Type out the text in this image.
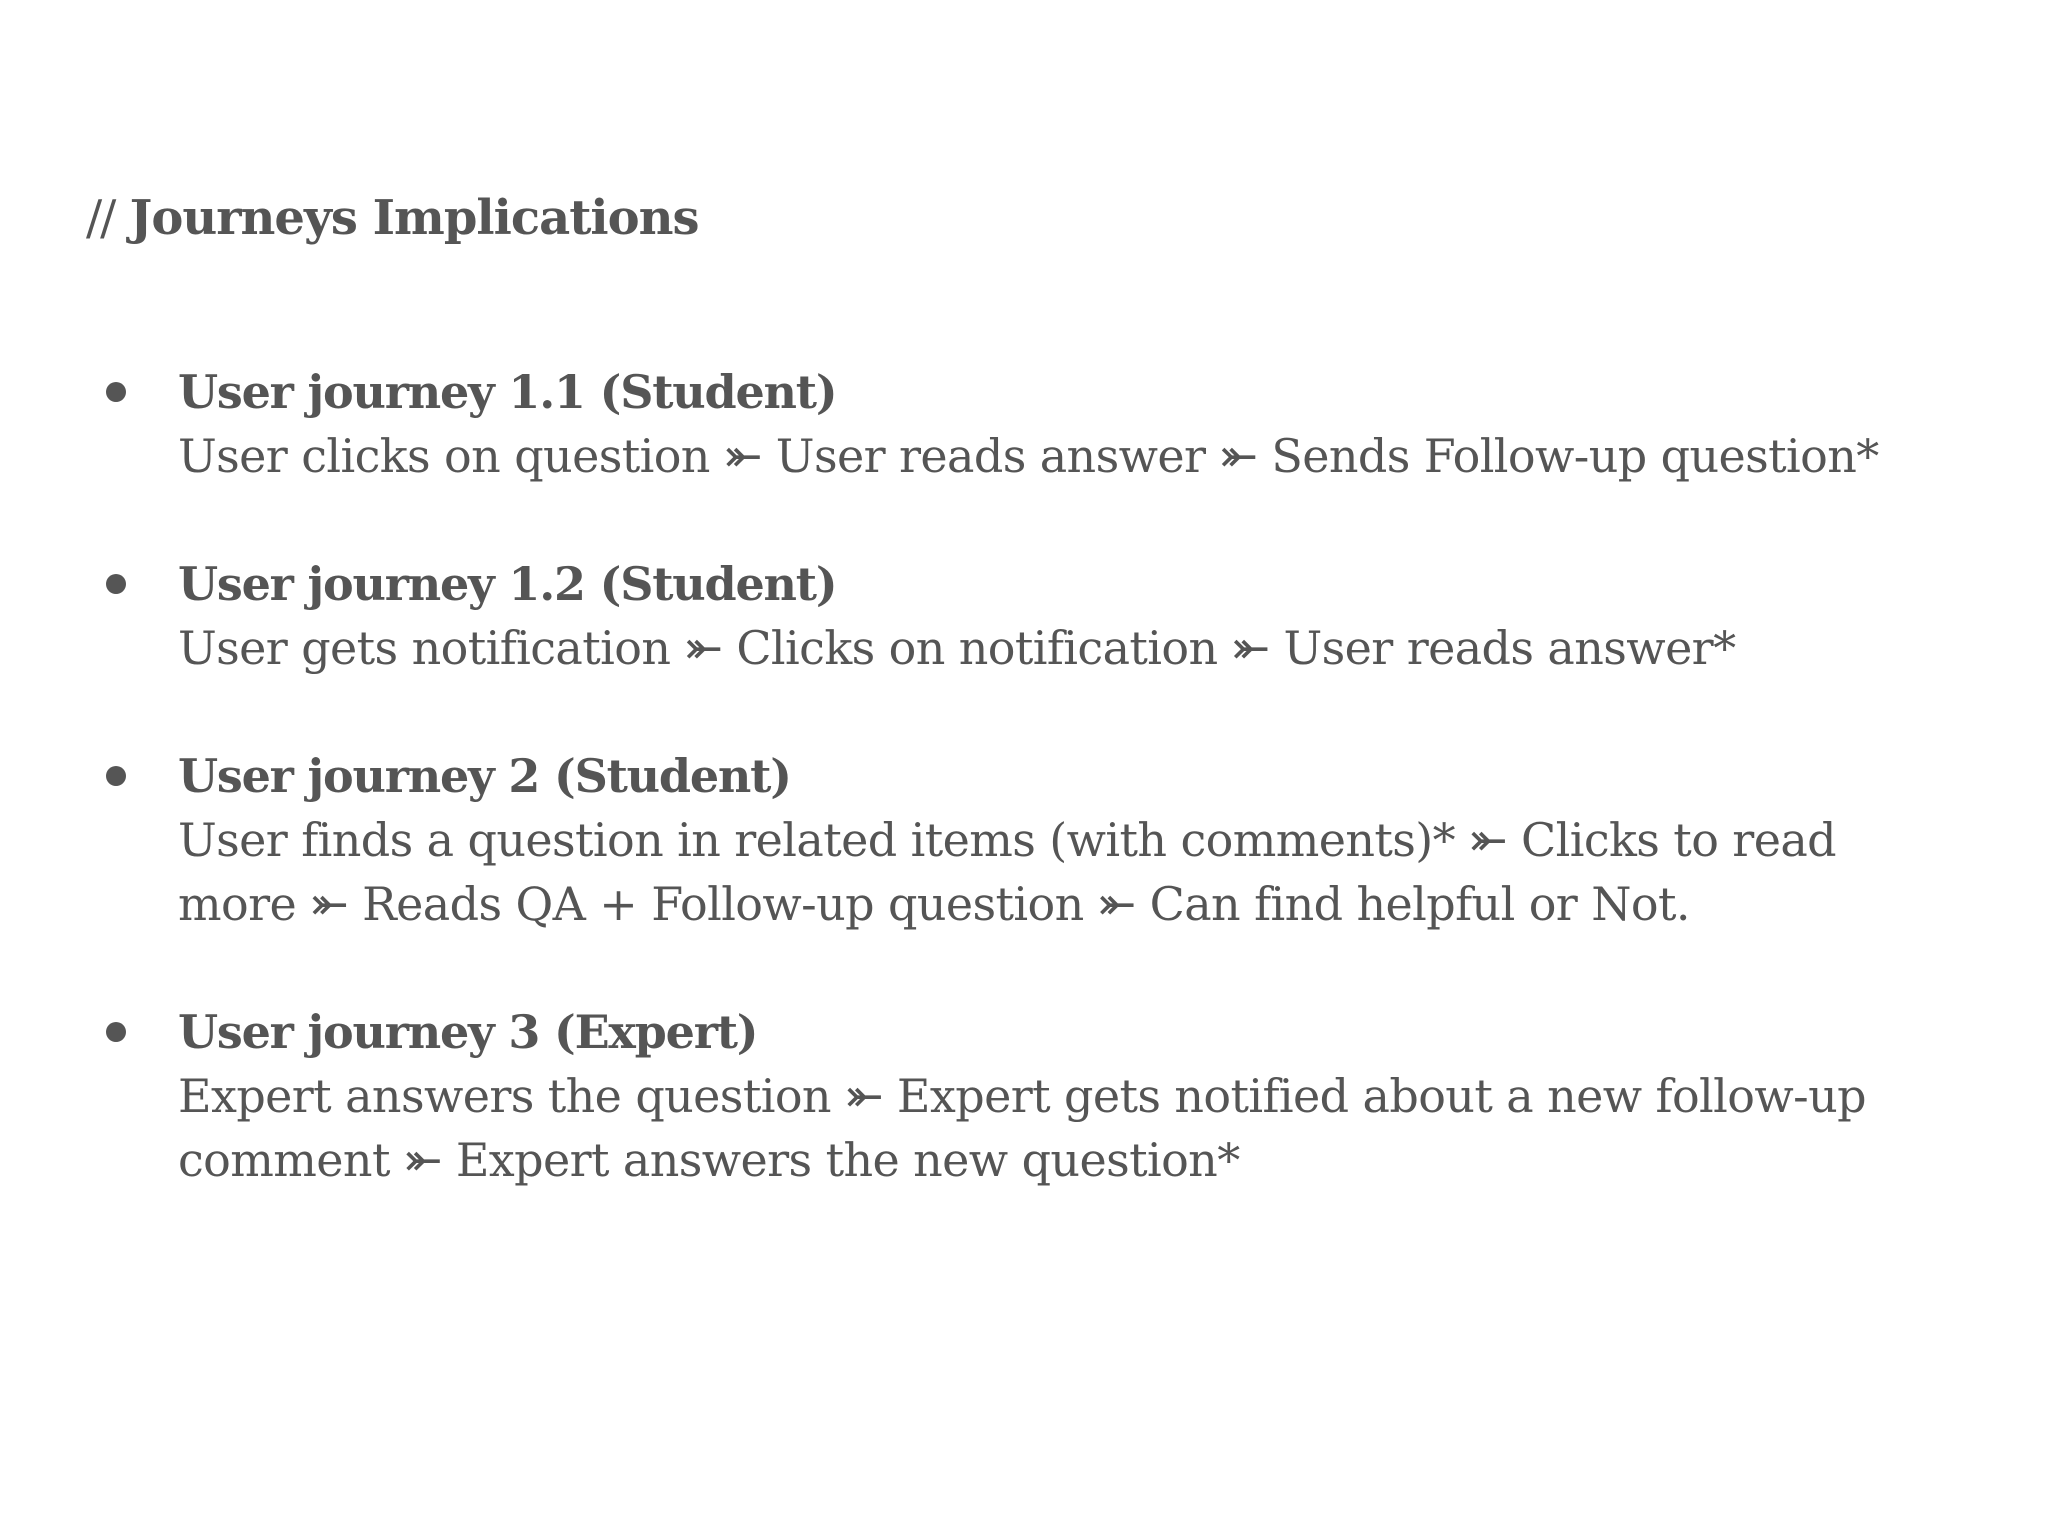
// Journeys Implications
User journey 1.1 (Student)
User clicks on question ⤜ User reads answer ⤜ Sends Follow-up question*
User journey 1.2 (Student)
User gets notification ⤜ Clicks on notification ⤜ User reads answer*
User journey 2 (Student)
User finds a question in related items (with comments)* ⤜ Clicks to read more ⤜ Reads QA + Follow-up question ⤜ Can find helpful or Not.
User journey 3 (Expert)
Expert answers the question ⤜ Expert gets notified about a new follow-up comment ⤜ Expert answers the new question*
